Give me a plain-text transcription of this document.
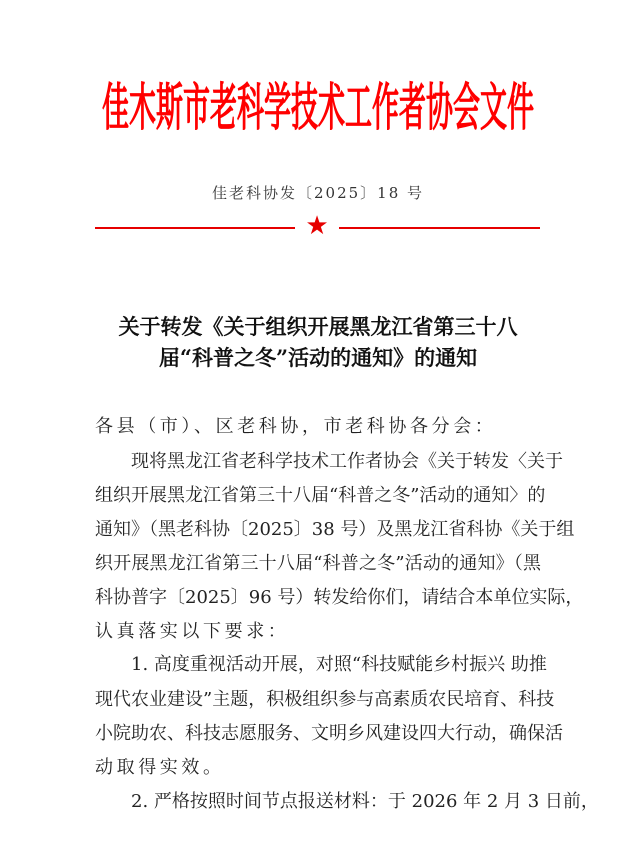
佳木斯市老科学技术工作者协会文件
佳老科协发〔2025〕18 号
★
关于转发《关于组织开展黑龙江省第三十八
届“科普之冬”活动的通知》的通知
各县（市）、区老科协，市老科协各分会：
现将黑龙江省老科学技术工作者协会《关于转发〈关于
组织开展黑龙江省第三十八届“科普之冬”活动的通知〉的
通知》（黑老科协〔2025〕38 号）及黑龙江省科协《关于组
织开展黑龙江省第三十八届“科普之冬”活动的通知》（黑
科协普字〔2025〕96 号）转发给你们，请结合本单位实际，
认真落实以下要求：
1. 高度重视活动开展，对照“科技赋能乡村振兴 助推
现代农业建设”主题，积极组织参与高素质农民培育、科技
小院助农、科技志愿服务、文明乡风建设四大行动，确保活
动取得实效。
2. 严格按照时间节点报送材料：于 2026 年 2 月 3 日前，
